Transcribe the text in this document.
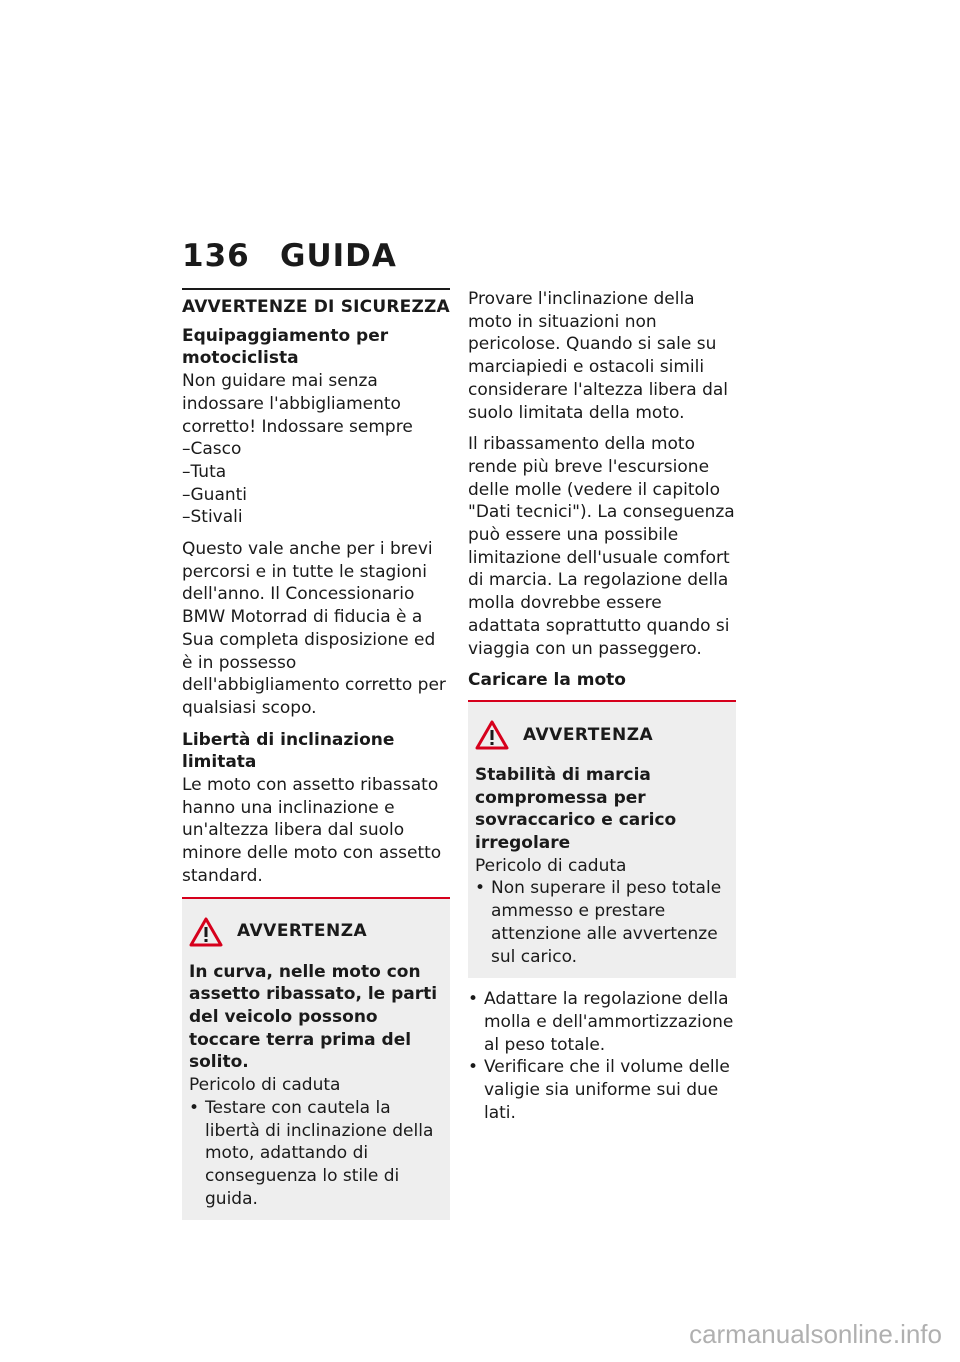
136 GUIDA
AVVERTENZE DI SICUREZZA
Equipaggiamento per motociclista
Non guidare mai senza indossare l'abbigliamento corretto! Indossare sempre
–Casco
–Tuta
–Guanti
–Stivali

Questo vale anche per i brevi percorsi e in tutte le stagioni dell'anno. Il Concessionario BMW Motorrad di fiducia è a Sua completa disposizione ed è in possesso dell'abbigliamento corretto per qualsiasi scopo.

Libertà di inclinazione limitata

Le moto con assetto ribassato hanno una inclinazione e un'altezza libera dal suolo minore delle moto con assetto standard.

AVVERTENZA
In curva, nelle moto con assetto ribassato, le parti del veicolo possono toccare terra prima del solito.
Pericolo di caduta
• Testare con cautela la libertà di inclinazione della moto, adattando di conseguenza lo stile di guida.

Provare l'inclinazione della moto in situazioni non pericolose. Quando si sale su marciapiedi e ostacoli simili considerare l'altezza libera dal suolo limitata della moto.

Il ribassamento della moto rende più breve l'escursione delle molle (vedere il capitolo "Dati tecnici"). La conseguenza può essere una possibile limitazione dell'usuale comfort di marcia. La regolazione della molla dovrebbe essere adattata soprattutto quando si viaggia con un passeggero.

Caricare la moto
AVVERTENZA
Stabilità di marcia compromessa per sovraccarico e carico irregolare
Pericolo di caduta
• Non superare il peso totale ammesso e prestare attenzione alle avvertenze sul carico.
• Adattare la regolazione della molla e dell'ammortizzazione al peso totale.
• Verificare che il volume delle valigie sia uniforme sui due lati.
carmanualsonline.info
